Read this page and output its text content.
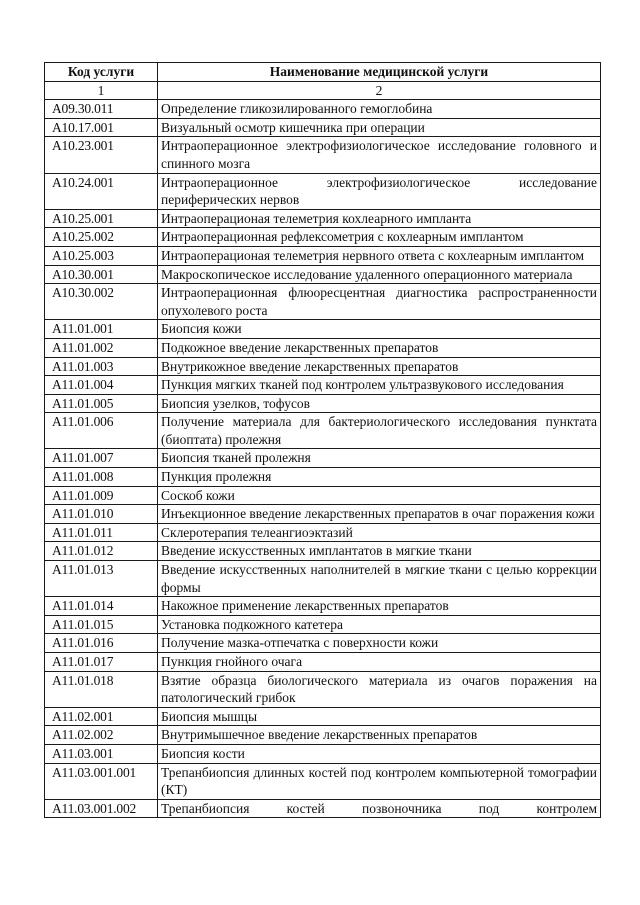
Код услуги	Наименование медицинской услуги
1	2
A09.30.011	Определение гликозилированного гемоглобина
A10.17.001	Визуальный осмотр кишечника при операции
A10.23.001	Интраоперационное электрофизиологическое исследование головного и спинного мозга
A10.24.001	Интраоперационное электрофизиологическое исследование периферических нервов
A10.25.001	Интраоперационая телеметрия кохлеарного импланта
A10.25.002	Интраоперационная рефлексометрия с кохлеарным имплантом
A10.25.003	Интраоперационая телеметрия нервного ответа с кохлеарным имплантом
A10.30.001	Макроскопическое исследование удаленного операционного материала
A10.30.002	Интраоперационная флюоресцентная диагностика распространенности опухолевого роста
A11.01.001	Биопсия кожи
A11.01.002	Подкожное введение лекарственных препаратов
A11.01.003	Внутрикожное введение лекарственных препаратов
A11.01.004	Пункция мягких тканей под контролем ультразвукового исследования
A11.01.005	Биопсия узелков, тофусов
A11.01.006	Получение материала для бактериологического исследования пунктата (биоптата) пролежня
A11.01.007	Биопсия тканей пролежня
A11.01.008	Пункция пролежня
A11.01.009	Соскоб кожи
A11.01.010	Инъекционное введение лекарственных препаратов в очаг поражения кожи
A11.01.011	Склеротерапия телеангиоэктазий
A11.01.012	Введение искусственных имплантатов в мягкие ткани
A11.01.013	Введение искусственных наполнителей в мягкие ткани с целью коррекции формы
A11.01.014	Накожное применение лекарственных препаратов
A11.01.015	Установка подкожного катетера
A11.01.016	Получение мазка-отпечатка с поверхности кожи
A11.01.017	Пункция гнойного очага
A11.01.018	Взятие образца биологического материала из очагов поражения на патологический грибок
A11.02.001	Биопсия мышцы
A11.02.002	Внутримышечное введение лекарственных препаратов
A11.03.001	Биопсия кости
A11.03.001.001	Трепанбиопсия длинных костей под контролем компьютерной томографии (КТ)
A11.03.001.002	Трепанбиопсия костей позвоночника под контролем
